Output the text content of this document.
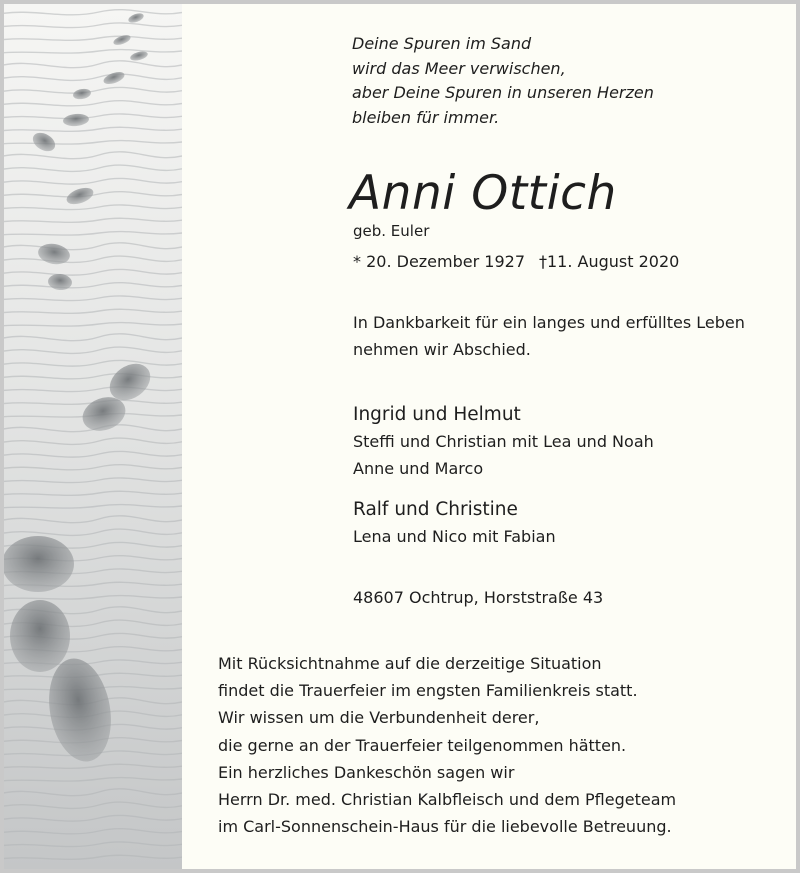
Deine Spuren im Sand
wird das Meer verwischen,
aber Deine Spuren in unseren Herzen
bleiben für immer.
Anni Ottich
geb. Euler
* 20. Dezember 1927 †11. August 2020
In Dankbarkeit für ein langes und erfülltes Leben
nehmen wir Abschied.
Ingrid und Helmut
Steffi und Christian mit Lea und Noah
Anne und Marco
Ralf und Christine
Lena und Nico mit Fabian
48607 Ochtrup, Horststraße 43
Mit Rücksichtnahme auf die derzeitige Situation
findet die Trauerfeier im engsten Familienkreis statt.
Wir wissen um die Verbundenheit derer,
die gerne an der Trauerfeier teilgenommen hätten.
Ein herzliches Dankeschön sagen wir
Herrn Dr. med. Christian Kalbfleisch und dem Pflegeteam
im Carl-Sonnenschein-Haus für die liebevolle Betreuung.
